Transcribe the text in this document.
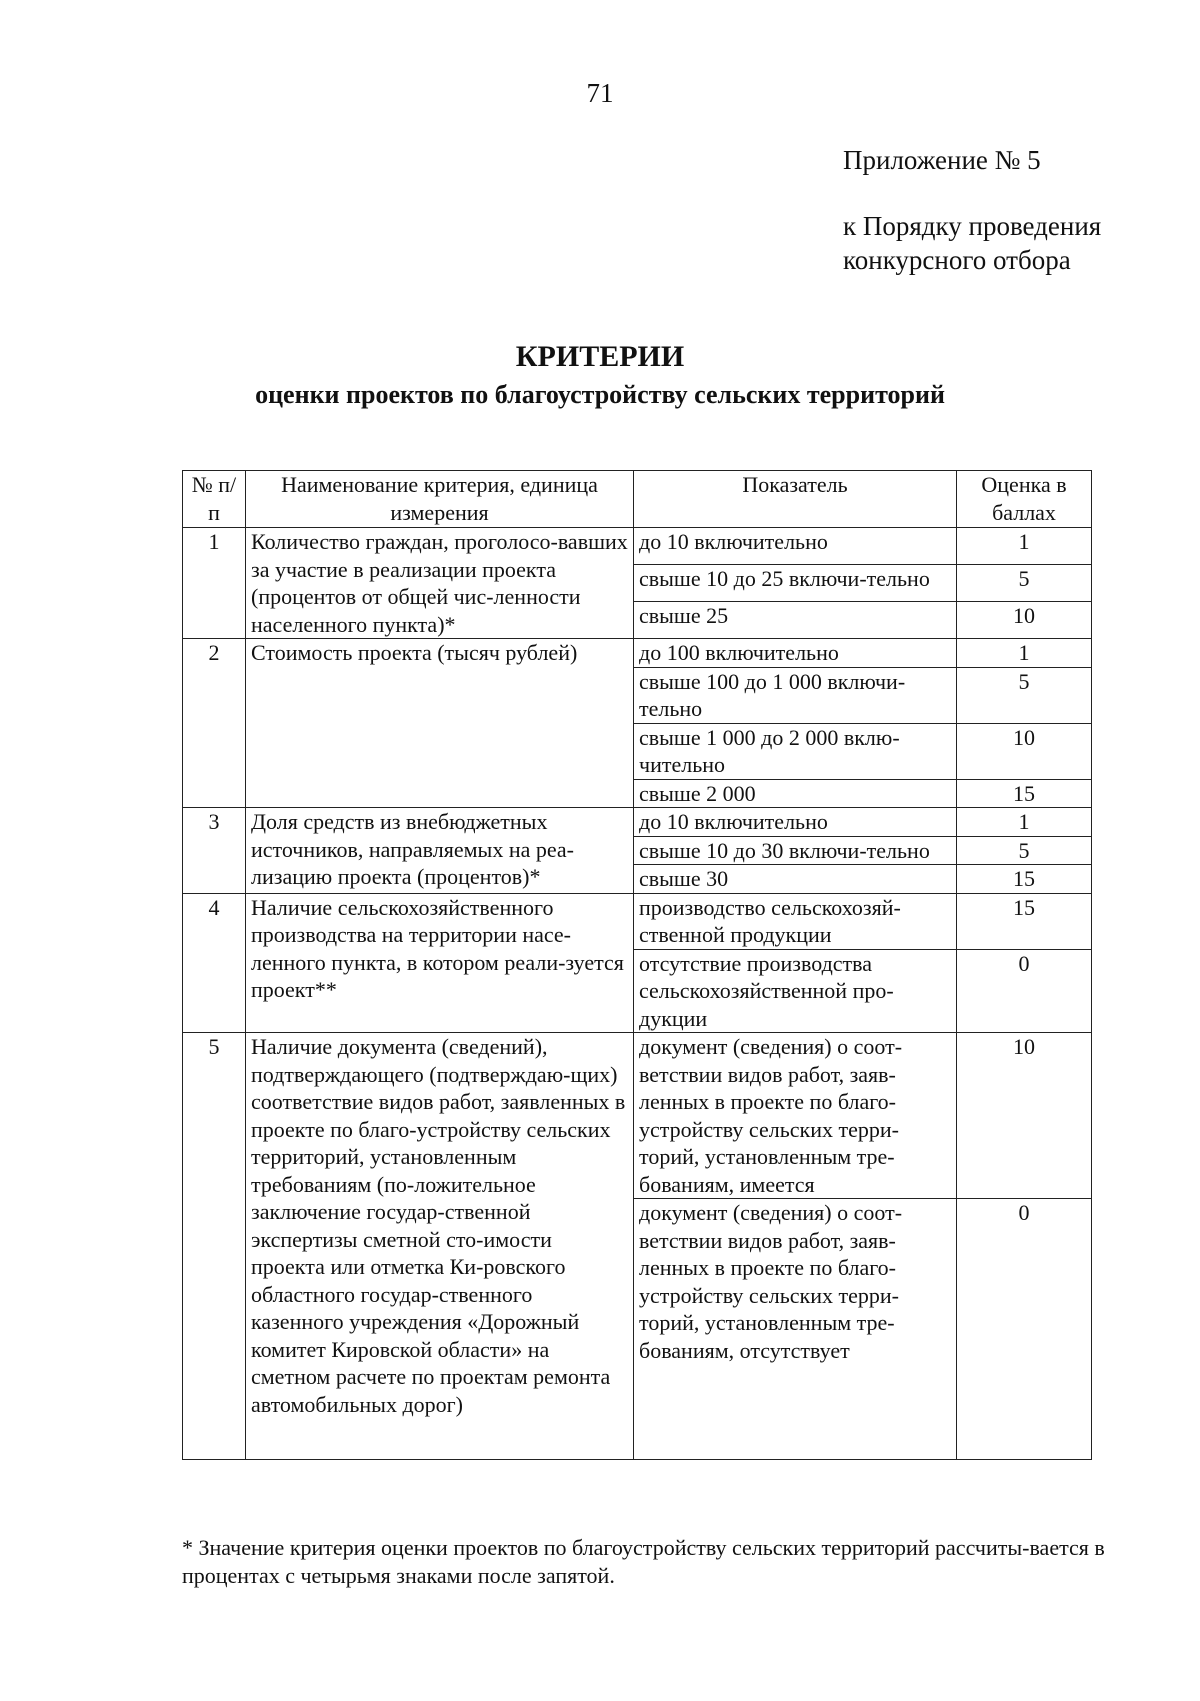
71
Приложение № 5
к Порядку проведения
конкурсного отбора
КРИТЕРИИ
оценки проектов по благоустройству сельских территорий
№ п/п	Наименование критерия, единица измерения	Показатель	Оценка в баллах
1	Количество граждан, проголосо-вавших за участие в реализации проекта (процентов от общей чис-ленности населенного пункта)*	до 10 включительно	1
		свыше 10 до 25 включи-тельно	5
		свыше 25	10
2	Стоимость проекта (тысяч рублей)	до 100 включительно	1
		свыше 100 до 1 000 включи-тельно	5
		свыше 1 000 до 2 000 вклю-чительно	10
		свыше 2 000	15
3	Доля средств из внебюджетных источников, направляемых на реа-лизацию проекта (процентов)*	до 10 включительно	1
		свыше 10 до 30 включи-тельно	5
		свыше 30	15
4	Наличие сельскохозяйственного производства на территории насе-ленного пункта, в котором реали-зуется проект**	производство сельскохозяй-ственной продукции	15
		отсутствие производства сельскохозяйственной про-дукции	0
5	Наличие документа (сведений), подтверждающего (подтверждаю-щих) соответствие видов работ, заявленных в проекте по благо-устройству сельских территорий, установленным требованиям (по-ложительное заключение государ-ственной экспертизы сметной сто-имости проекта или отметка Ки-ровского областного государ-ственного казенного учреждения «Дорожный комитет Кировской области» на сметном расчете по проектам ремонта автомобильных дорог)	документ (сведения) о соот-ветствии видов работ, заяв-ленных в проекте по благо-устройству сельских терри-торий, установленным тре-бованиям, имеется	10
		документ (сведения) о соот-ветствии видов работ, заяв-ленных в проекте по благо-устройству сельских терри-торий, установленным тре-бованиям, отсутствует	0
* Значение критерия оценки проектов по благоустройству сельских территорий рассчиты-вается в процентах с четырьмя знаками после запятой.
